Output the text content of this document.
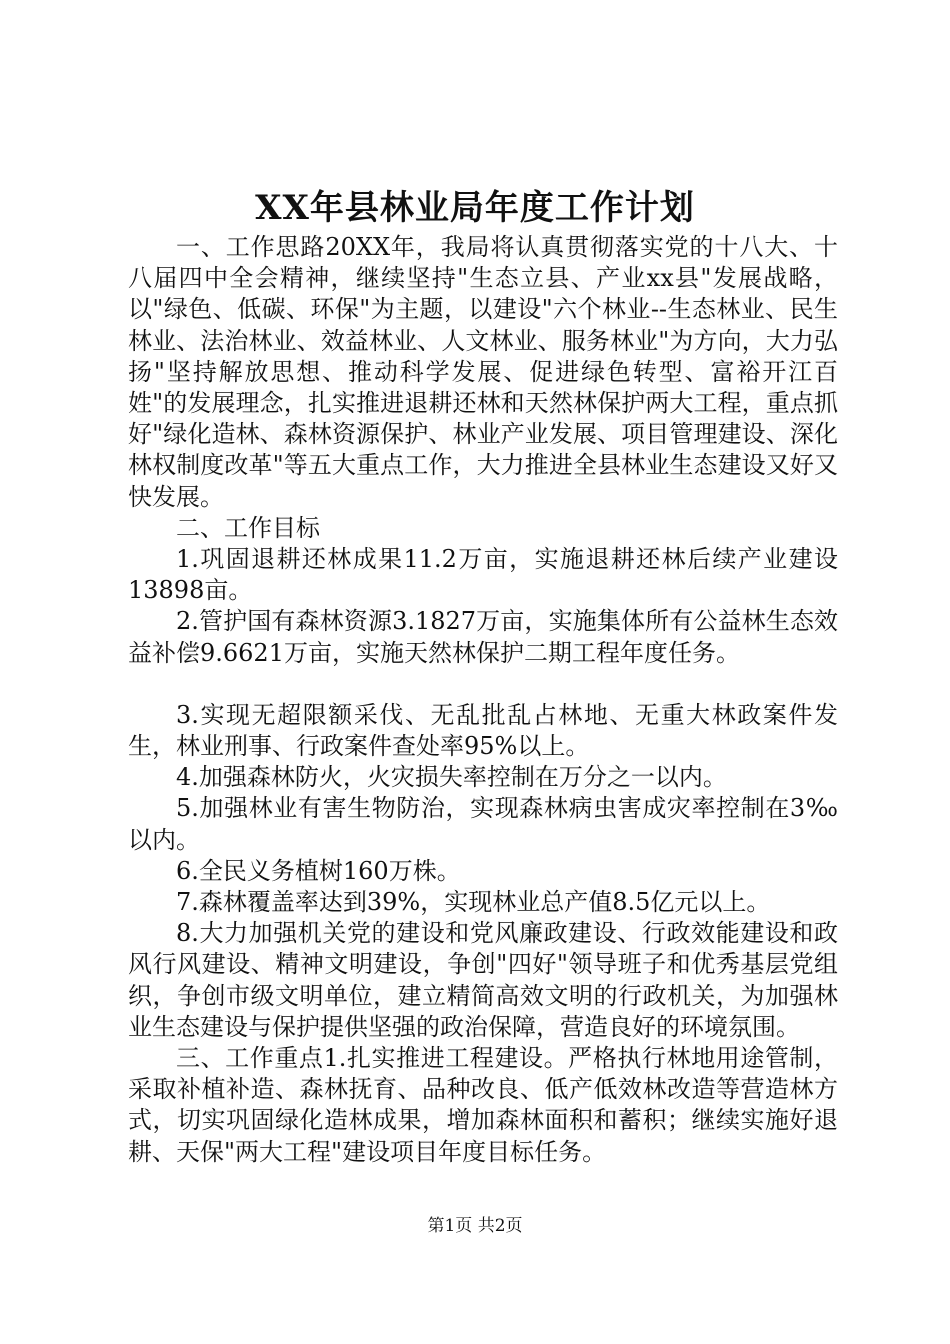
XX年县林业局年度工作计划

一、工作思路20XX年，我局将认真贯彻落实党的十八大、十八届四中全会精神，继续坚持"生态立县、产业xx县"发展战略，以"绿色、低碳、环保"为主题，以建设"六个林业--生态林业、民生林业、法治林业、效益林业、人文林业、服务林业"为方向，大力弘扬"坚持解放思想、推动科学发展、促进绿色转型、富裕开江百姓"的发展理念，扎实推进退耕还林和天然林保护两大工程，重点抓好"绿化造林、森林资源保护、林业产业发展、项目管理建设、深化林权制度改革"等五大重点工作，大力推进全县林业生态建设又好又快发展。

二、工作目标

1.巩固退耕还林成果11.2万亩，实施退耕还林后续产业建设13898亩。

2.管护国有森林资源3.1827万亩，实施集体所有公益林生态效益补偿9.6621万亩，实施天然林保护二期工程年度任务。

3.实现无超限额采伐、无乱批乱占林地、无重大林政案件发生，林业刑事、行政案件查处率95%以上。

4.加强森林防火，火灾损失率控制在万分之一以内。

5.加强林业有害生物防治，实现森林病虫害成灾率控制在3‰以内。

6.全民义务植树160万株。

7.森林覆盖率达到39%，实现林业总产值8.5亿元以上。

8.大力加强机关党的建设和党风廉政建设、行政效能建设和政风行风建设、精神文明建设，争创"四好"领导班子和优秀基层党组织，争创市级文明单位，建立精简高效文明的行政机关，为加强林业生态建设与保护提供坚强的政治保障，营造良好的环境氛围。

三、工作重点1.扎实推进工程建设。严格执行林地用途管制，采取补植补造、森林抚育、品种改良、低产低效林改造等营造林方式，切实巩固绿化造林成果，增加森林面积和蓄积；继续实施好退耕、天保"两大工程"建设项目年度目标任务。

第1页 共2页
